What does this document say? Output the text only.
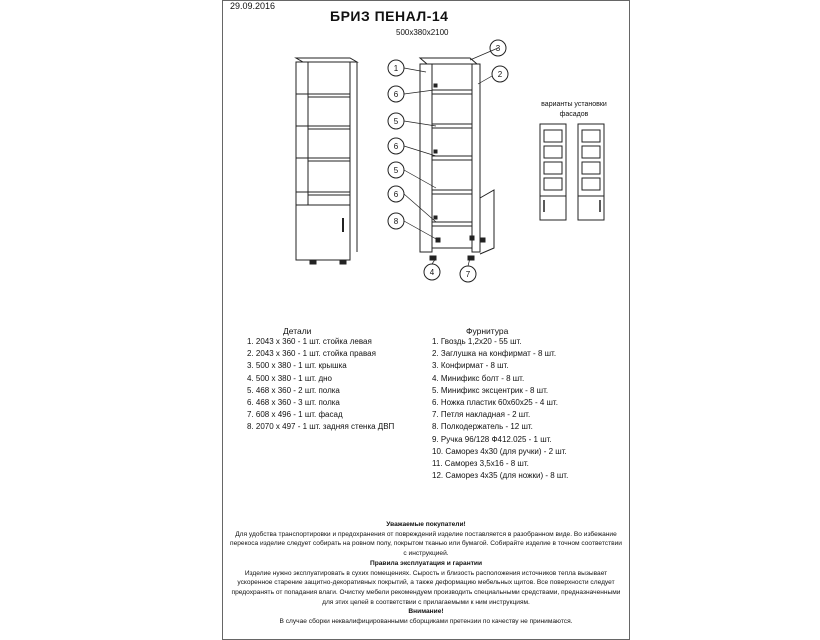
29.09.2016
БРИЗ ПЕНАЛ-14
500х380х2100
1
2
3
6
5
6
5
6
8
4	7
варианты установки фасадов
Детали
1. 2043 х 360 - 1 шт. стойка левая
2. 2043 х 360 - 1 шт. стойка правая
3. 500 х 380 - 1 шт. крышка
4. 500 х 380 - 1 шт. дно
5. 468 х 360 - 2 шт. полка
6. 468 х 360 - 3 шт. полка
7. 608 х 496 - 1 шт. фасад
8. 2070 х 497 - 1 шт. задняя стенка ДВП
Фурнитура
1. Гвоздь 1,2х20 - 55 шт.
2. Заглушка на конфирмат - 8 шт.
3. Конфирмат - 8 шт.
4. Минификс болт - 8 шт.
5. Минификс эксцентрик - 8 шт.
6. Ножка пластик 60х60х25 - 4 шт.
7. Петля накладная - 2 шт.
8. Полкодержатель - 12 шт.
9. Ручка 96/128 Ф412.025 - 1 шт.
10. Саморез 4х30 (для ручки) - 2 шт.
11. Саморез 3,5х16 - 8 шт.
12. Саморез 4х35 (для ножки) - 8 шт.
Уважаемые покупатели!
Для удобства транспортировки и предохранения от повреждений изделие поставляется в разобранном виде. Во избежание перекоса изделие следует собирать на ровном полу, покрытом тканью или бумагой. Собирайте изделие в точном соответствии с инструкцией.
Правила эксплуатация и гарантии
Изделие нужно эксплуатировать в сухих помещениях. Сырость и близость расположения источников тепла вызывает ускоренное старение защитно-декоративных покрытий, а также деформацию мебельных щитов. Все поверхности следует предохранять от попадания влаги. Очистку мебели рекомендуем производить специальными средствами, предназначенными для этих целей в соответствии с прилагаемыми к ним инструкциям.
Внимание!
В случае сборки неквалифицированными сборщиками претензии по качеству не принимаются.
